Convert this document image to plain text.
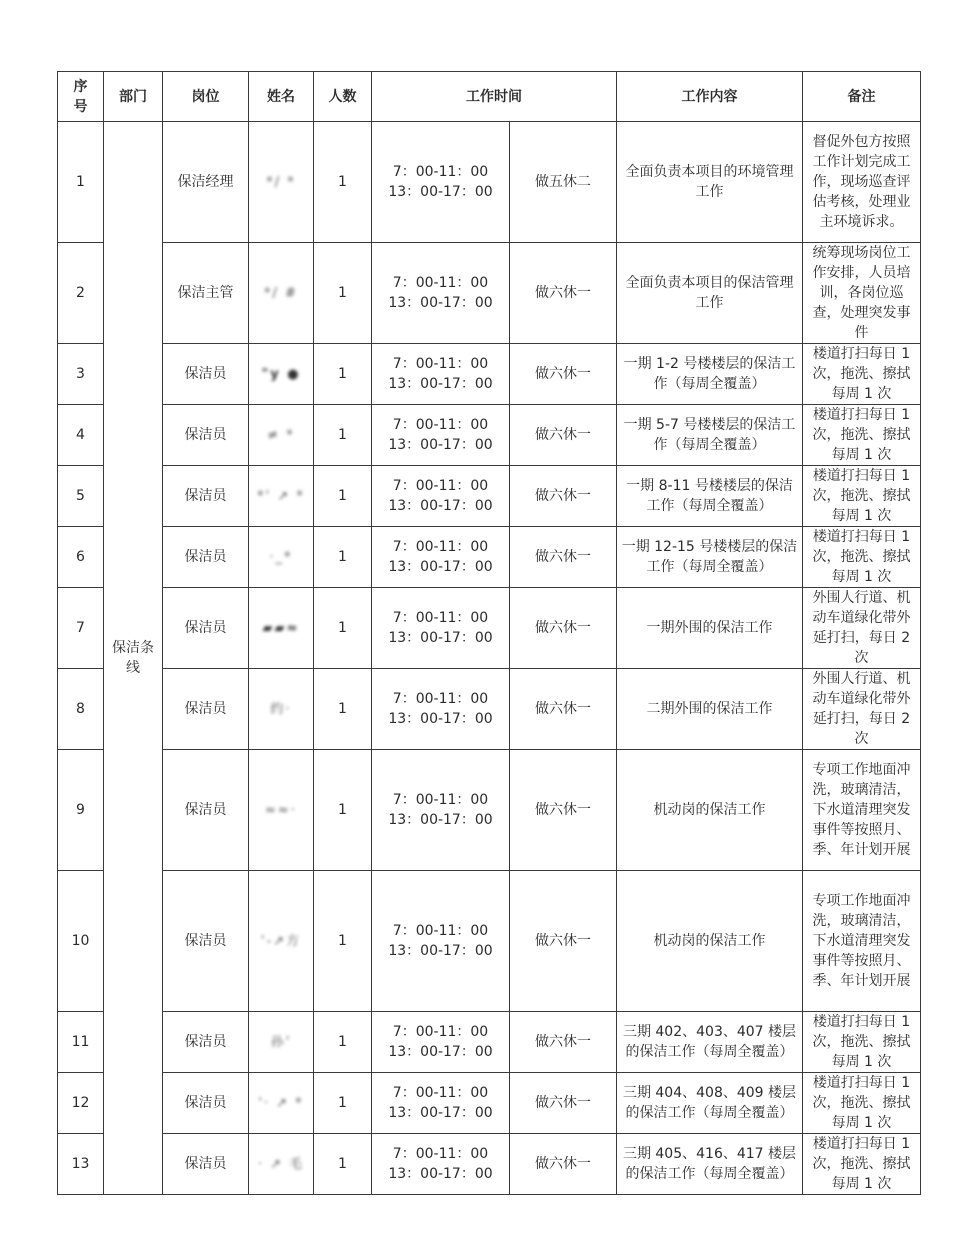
序号	部门	岗位	姓名	人数	工作时间		工作内容	备注
1	保洁条线	保洁经理	*/ *	1	7：00-11：00
13：00-17：00	做五休二	全面负责本项目的环境管理工作	督促外包方按照工作计划完成工作，现场巡查评估考核，处理业主环境诉求。
2		保洁主管	*/ #	1	7：00-11：00
13：00-17：00	做六休一	全面负责本项目的保洁管理工作	统筹现场岗位工作安排，人员培训，各岗位巡查，处理突发事件
3		保洁员	"y ●	1	7：00-11：00
13：00-17：00	做六休一	一期 1-2 号楼楼层的保洁工作（每周全覆盖）	楼道打扫每日 1 次，拖洗、擦拭每周 1 次
4		保洁员	≠ *	1	7：00-11：00
13：00-17：00	做六休一	一期 5-7 号楼楼层的保洁工作（每周全覆盖）	楼道打扫每日 1 次，拖洗、擦拭每周 1 次
5		保洁员	*' ↗ *	1	7：00-11：00
13：00-17：00	做六休一	一期 8-11 号楼楼层的保洁工作（每周全覆盖）	楼道打扫每日 1 次，拖洗、擦拭每周 1 次
6		保洁员	·_*	1	7：00-11：00
13：00-17：00	做六休一	一期 12-15 号楼楼层的保洁工作（每周全覆盖）	楼道打扫每日 1 次，拖洗、擦拭每周 1 次
7		保洁员	▰▰≈	1	7：00-11：00
13：00-17：00	做六休一	一期外围的保洁工作	外围人行道、机动车道绿化带外延打扫，每日 2 次
8		保洁员	约·	1	7：00-11：00
13：00-17：00	做六休一	二期外围的保洁工作	外围人行道、机动车道绿化带外延打扫，每日 2 次
9		保洁员	≈≈·	1	7：00-11：00
13：00-17：00	做六休一	机动岗的保洁工作	专项工作地面冲洗，玻璃清洁，下水道清理突发事件等按照月、季、年计划开展
10		保洁员	'-↗方	1	7：00-11：00
13：00-17：00	做六休一	机动岗的保洁工作	专项工作地面冲洗，玻璃清洁，下水道清理突发事件等按照月、季、年计划开展
11		保洁员	孙'	1	7：00-11：00
13：00-17：00	做六休一	三期 402、403、407 楼层的保洁工作（每周全覆盖）	楼道打扫每日 1 次，拖洗、擦拭每周 1 次
12		保洁员	'· ↗ *	1	7：00-11：00
13：00-17：00	做六休一	三期 404、408、409 楼层的保洁工作（每周全覆盖）	楼道打扫每日 1 次，拖洗、擦拭每周 1 次
13		保洁员	· ↗ 毛	1	7：00-11：00
13：00-17：00	做六休一	三期 405、416、417 楼层的保洁工作（每周全覆盖）	楼道打扫每日 1 次，拖洗、擦拭每周 1 次
